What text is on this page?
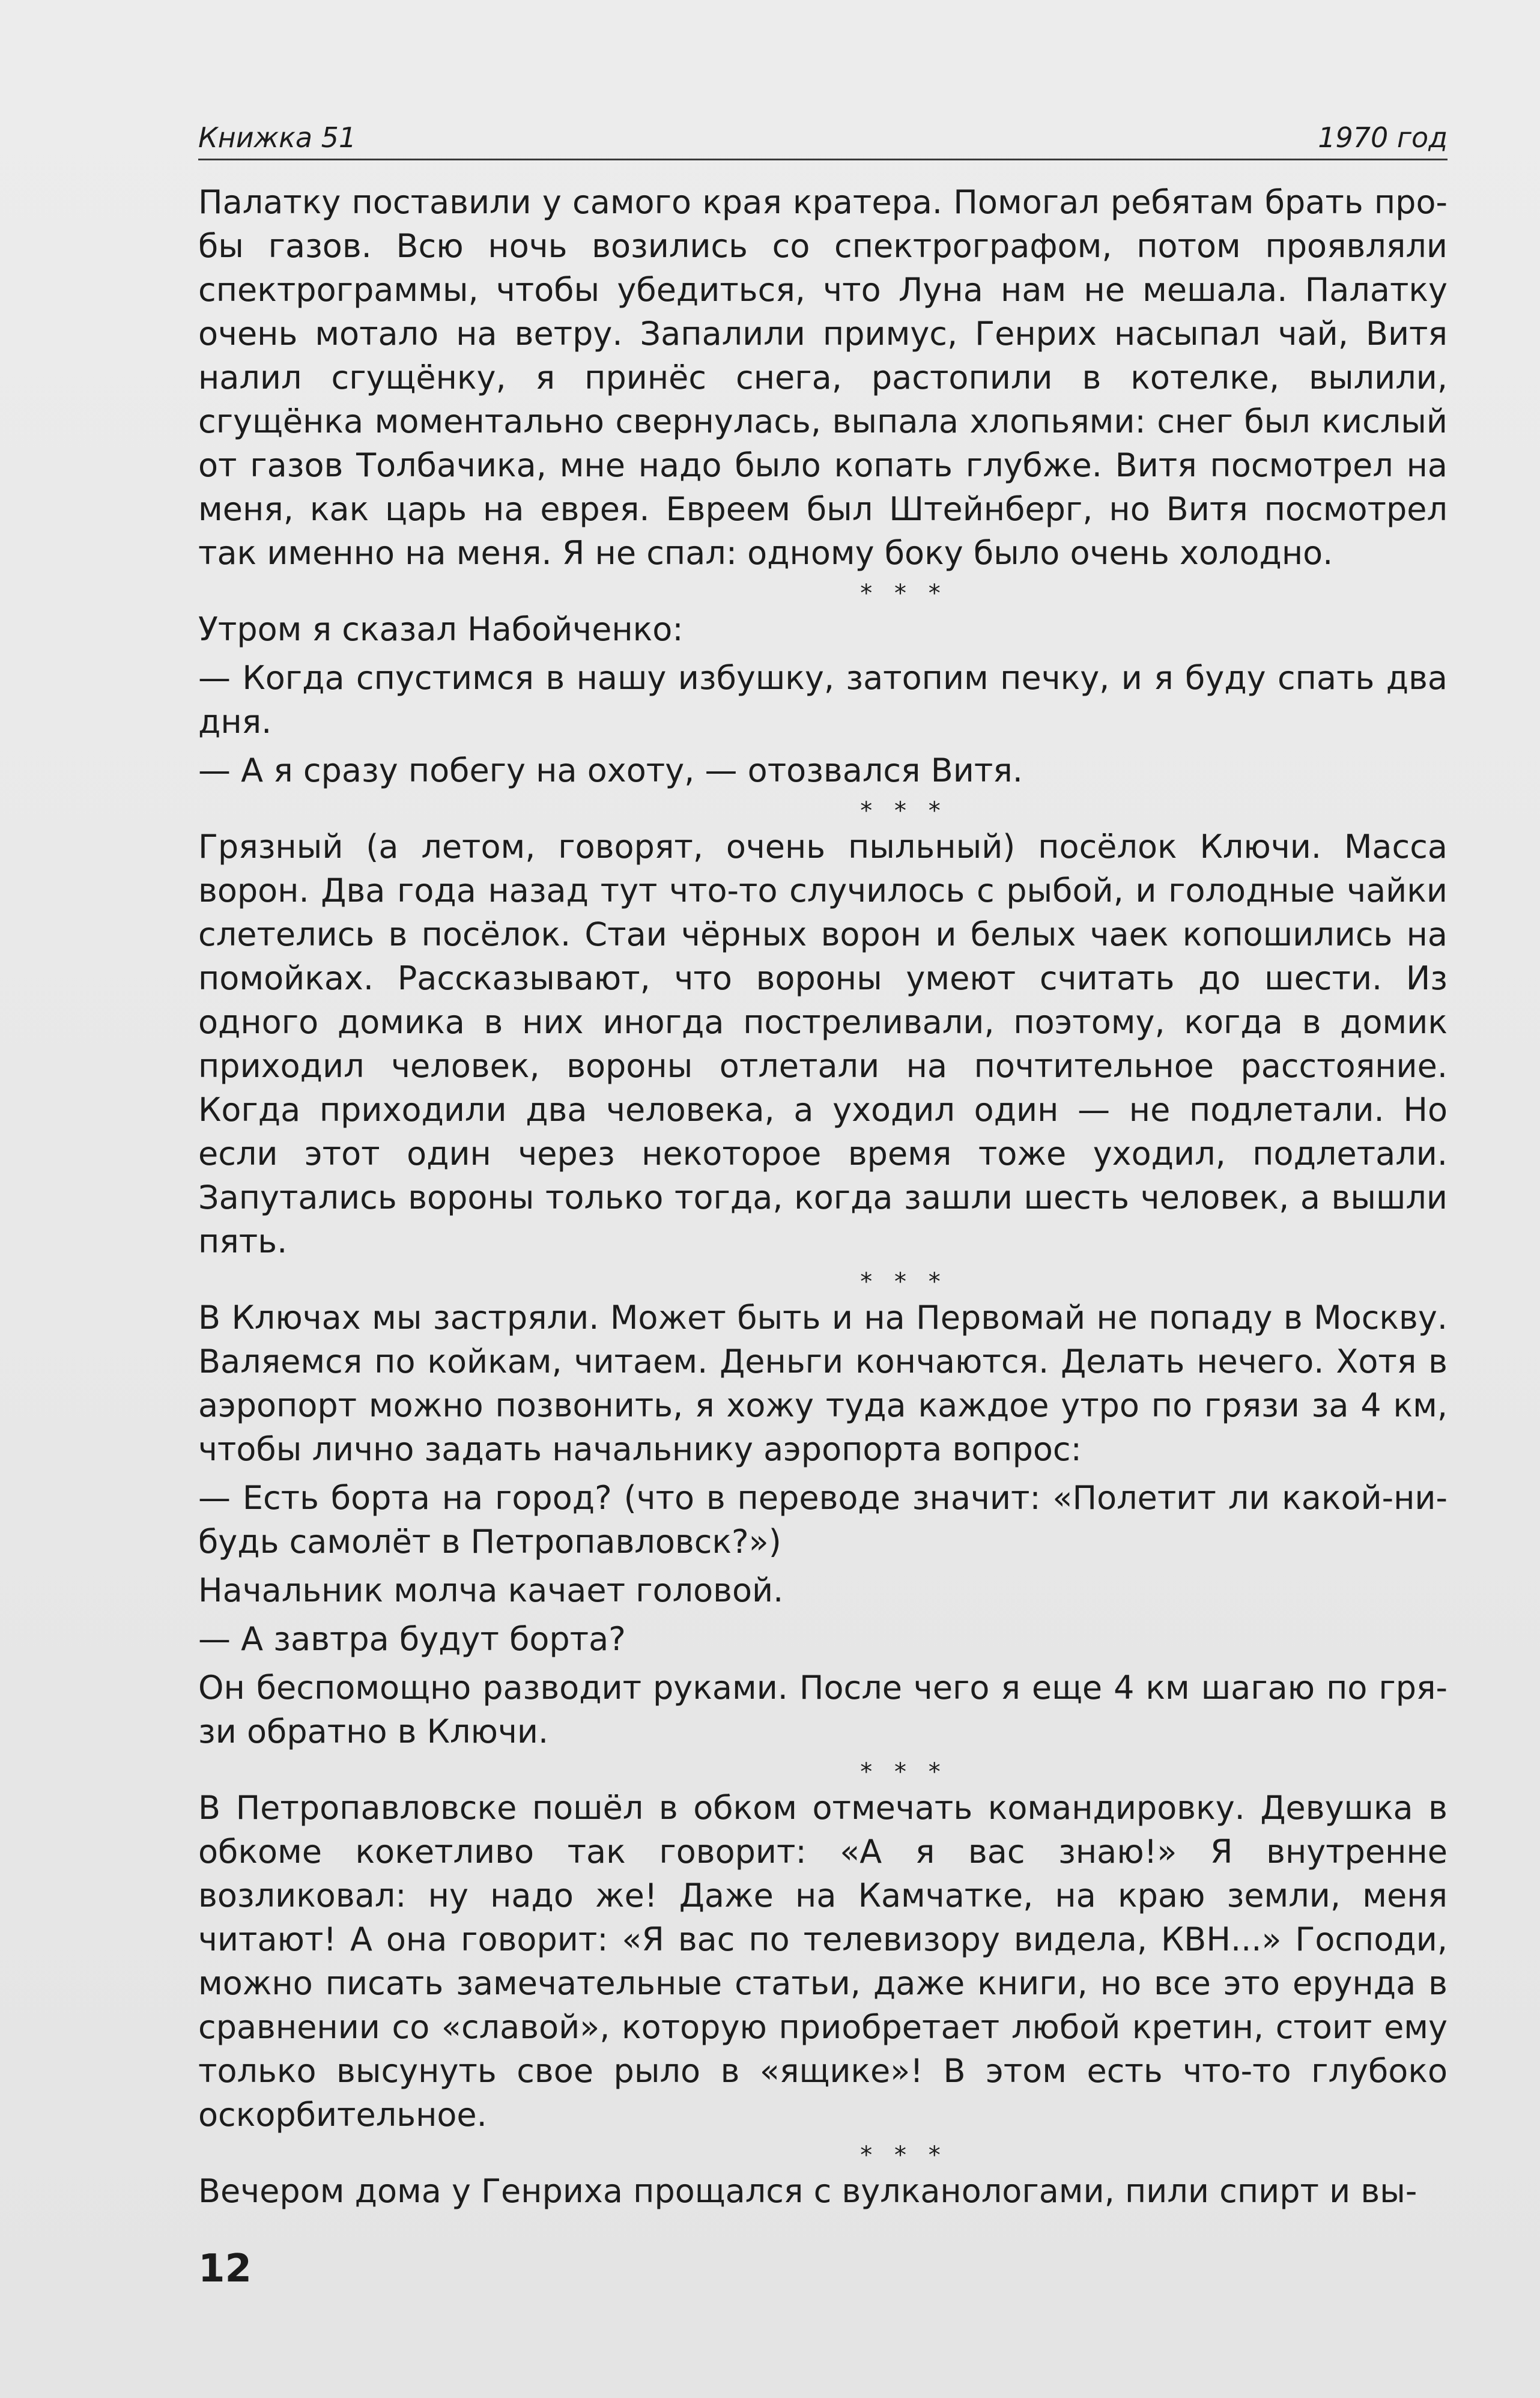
Книжка 51	1970 год

Палатку поставили у самого края кратера. Помогал ребятам брать пробы газов. Всю ночь возились со спектрографом, потом проявляли спектрограммы, чтобы убедиться, что Луна нам не мешала. Палатку очень мотало на ветру. Запалили примус, Генрих насыпал чай, Витя налил сгущёнку, я принёс снега, растопили в котелке, вылили, сгущёнка моментально свернулась, выпала хлопьями: снег был кислый от газов Толбачика, мне надо было копать глубже. Витя посмотрел на меня, как царь на еврея. Евреем был Штейнберг, но Витя посмотрел так именно на меня. Я не спал: одному боку было очень холодно.

* * *

Утром я сказал Набойченко:

— Когда спустимся в нашу избушку, затопим печку, и я буду спать два дня.

— А я сразу побегу на охоту, — отозвался Витя.

* * *

Грязный (а летом, говорят, очень пыльный) посёлок Ключи. Масса ворон. Два года назад тут что-то случилось с рыбой, и голодные чайки слетелись в посёлок. Стаи чёрных ворон и белых чаек копошились на помойках. Рассказывают, что вороны умеют считать до шести. Из одного домика в них иногда постреливали, поэтому, когда в домик приходил человек, вороны отлетали на почтительное расстояние. Когда приходили два человека, а уходил один — не подлетали. Но если этот один через некоторое время тоже уходил, подлетали. Запутались вороны только тогда, когда зашли шесть человек, а вышли пять.

* * *

В Ключах мы застряли. Может быть и на Первомай не попаду в Москву. Валяемся по койкам, читаем. Деньги кончаются. Делать нечего. Хотя в аэропорт можно позвонить, я хожу туда каждое утро по грязи за 4 км, чтобы лично задать начальнику аэропорта вопрос:

— Есть борта на город? (что в переводе значит: «Полетит ли какой-нибудь самолёт в Петропавловск?»)

Начальник молча качает головой.

— А завтра будут борта?

Он беспомощно разводит руками. После чего я еще 4 км шагаю по грязи обратно в Ключи.

* * *

В Петропавловске пошёл в обком отмечать командировку. Девушка в обкоме кокетливо так говорит: «А я вас знаю!» Я внутренне возликовал: ну надо же! Даже на Камчатке, на краю земли, меня читают! А она говорит: «Я вас по телевизору видела, КВН...» Господи, можно писать замечательные статьи, даже книги, но все это ерунда в сравнении со «славой», которую приобретает любой кретин, стоит ему только высунуть свое рыло в «ящике»! В этом есть что-то глубоко оскорбительное.

* * *

Вечером дома у Генриха прощался с вулканологами, пили спирт и вы-

12
